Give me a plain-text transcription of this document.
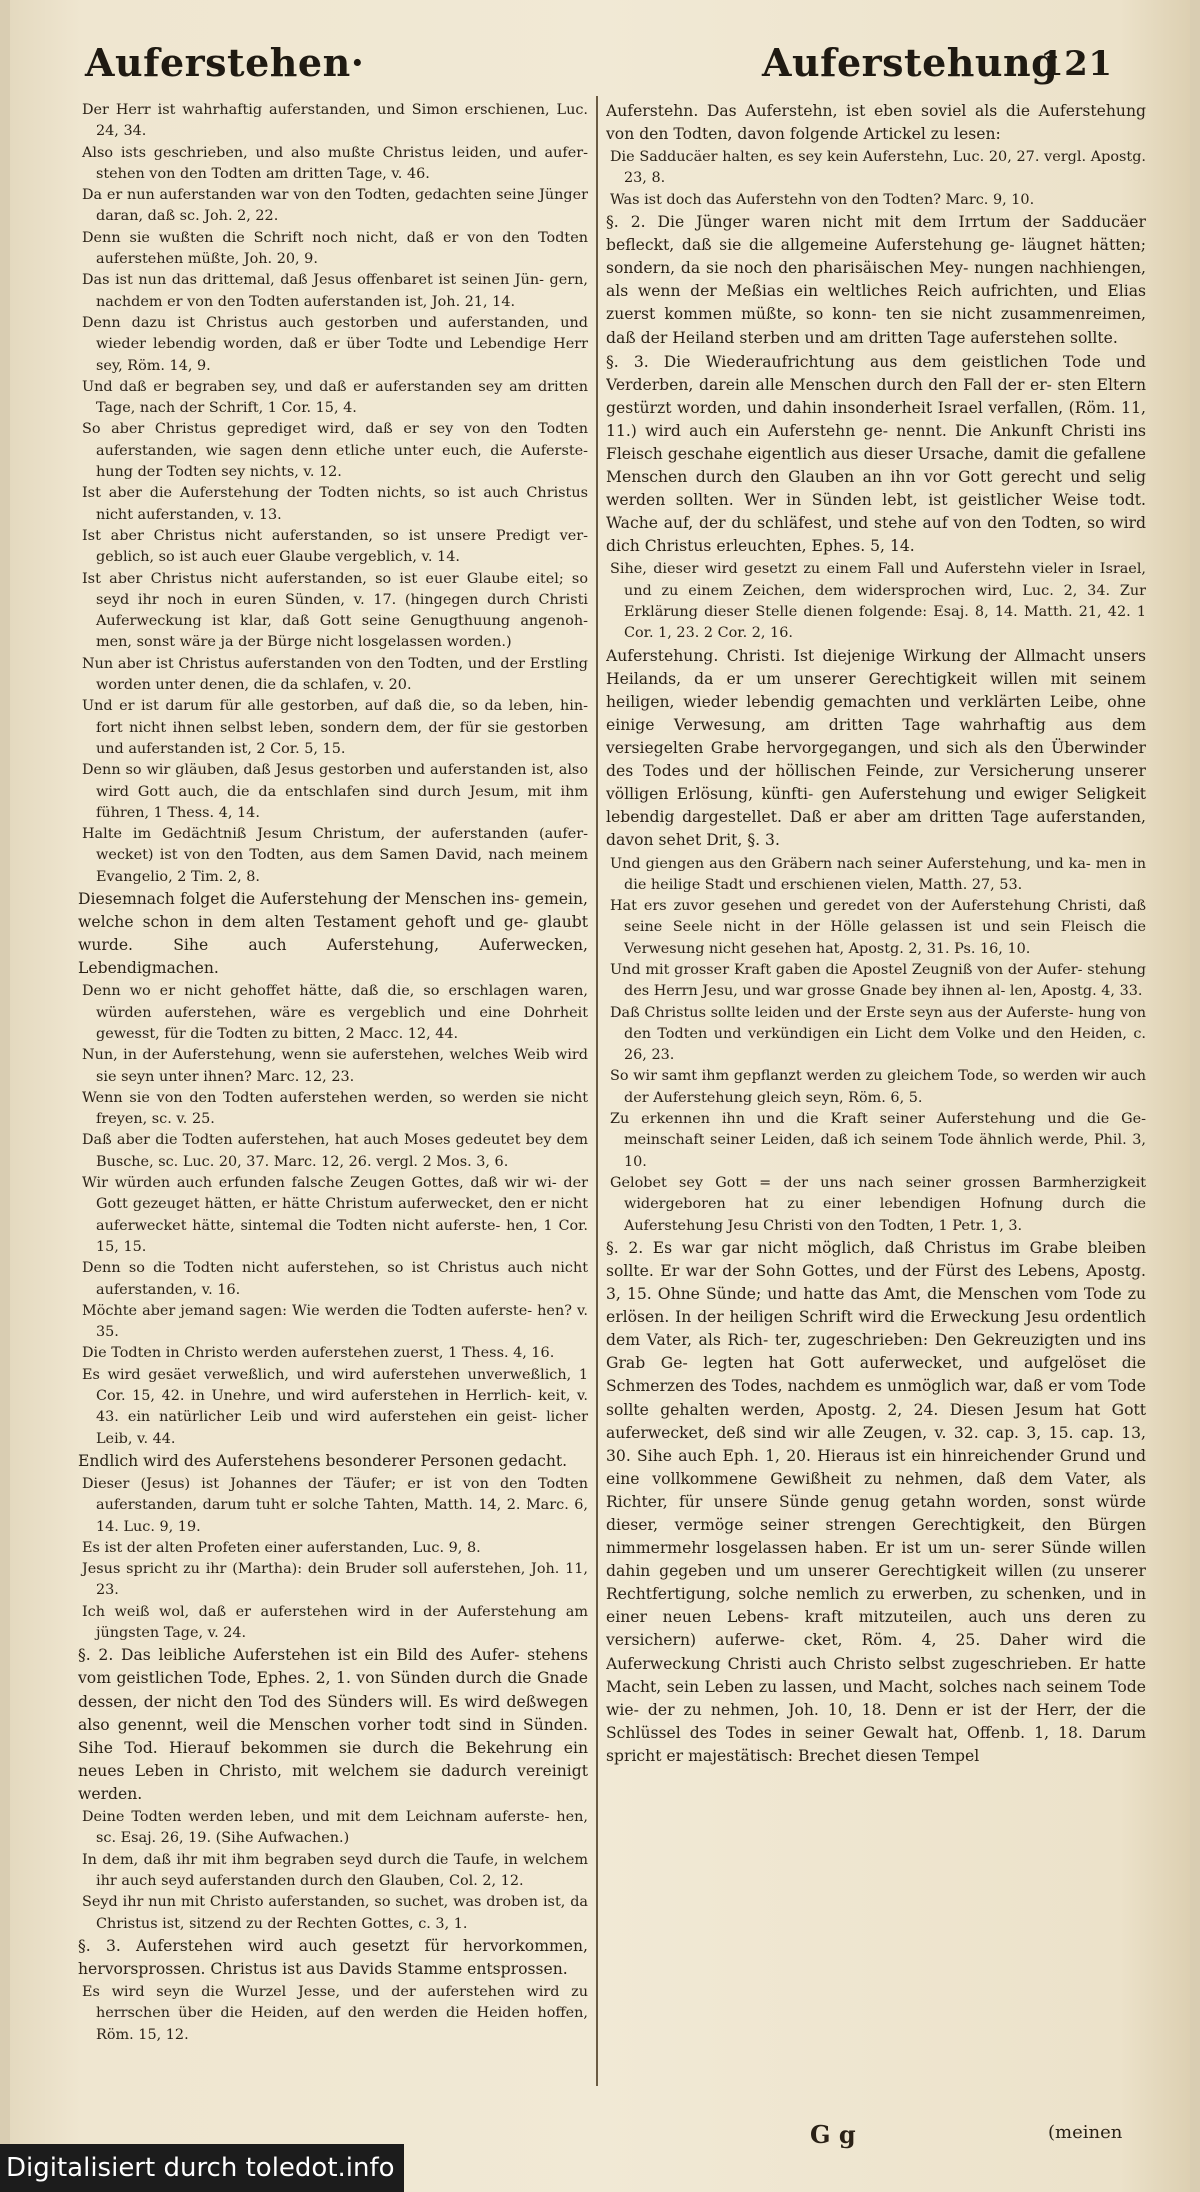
Auferstehen·	Auferstehung
121
Der Herr ist wahrhaftig auferstanden, und Simon erschienen, Luc. 24, 34.
Also ists geschrieben, und also mußte Christus leiden, und aufer- stehen von den Todten am dritten Tage, v. 46.
Da er nun auferstanden war von den Todten, gedachten seine Jünger daran, daß sc. Joh. 2, 22.
Denn sie wußten die Schrift noch nicht, daß er von den Todten auferstehen müßte, Joh. 20, 9.
Das ist nun das drittemal, daß Jesus offenbaret ist seinen Jün- gern, nachdem er von den Todten auferstanden ist, Joh. 21, 14.
Denn dazu ist Christus auch gestorben und auferstanden, und wieder lebendig worden, daß er über Todte und Lebendige Herr sey, Röm. 14, 9.
Und daß er begraben sey, und daß er auferstanden sey am dritten Tage, nach der Schrift, 1 Cor. 15, 4.
So aber Christus geprediget wird, daß er sey von den Todten auferstanden, wie sagen denn etliche unter euch, die Auferste- hung der Todten sey nichts, v. 12.
Ist aber die Auferstehung der Todten nichts, so ist auch Christus nicht auferstanden, v. 13.
Ist aber Christus nicht auferstanden, so ist unsere Predigt ver- geblich, so ist auch euer Glaube vergeblich, v. 14.
Ist aber Christus nicht auferstanden, so ist euer Glaube eitel; so seyd ihr noch in euren Sünden, v. 17. (hingegen durch Christi Auferweckung ist klar, daß Gott seine Genugthuung angenoh- men, sonst wäre ja der Bürge nicht losgelassen worden.)
Nun aber ist Christus auferstanden von den Todten, und der Erstling worden unter denen, die da schlafen, v. 20.
Und er ist darum für alle gestorben, auf daß die, so da leben, hin- fort nicht ihnen selbst leben, sondern dem, der für sie gestorben und auferstanden ist, 2 Cor. 5, 15.
Denn so wir gläuben, daß Jesus gestorben und auferstanden ist, also wird Gott auch, die da entschlafen sind durch Jesum, mit ihm führen, 1 Thess. 4, 14.
Halte im Gedächtniß Jesum Christum, der auferstanden (aufer- wecket) ist von den Todten, aus dem Samen David, nach meinem Evangelio, 2 Tim. 2, 8.
Diesemnach folget die Auferstehung der Menschen ins- gemein, welche schon in dem alten Testament gehoft und ge- glaubt wurde. Sihe auch Auferstehung, Auferwecken, Lebendigmachen.
Denn wo er nicht gehoffet hätte, daß die, so erschlagen waren, würden auferstehen, wäre es vergeblich und eine Dohrheit gewesst, für die Todten zu bitten, 2 Macc. 12, 44.
Nun, in der Auferstehung, wenn sie auferstehen, welches Weib wird sie seyn unter ihnen? Marc. 12, 23.
Wenn sie von den Todten auferstehen werden, so werden sie nicht freyen, sc. v. 25.
Daß aber die Todten auferstehen, hat auch Moses gedeutet bey dem Busche, sc. Luc. 20, 37. Marc. 12, 26. vergl. 2 Mos. 3, 6.
Wir würden auch erfunden falsche Zeugen Gottes, daß wir wi- der Gott gezeuget hätten, er hätte Christum auferwecket, den er nicht auferwecket hätte, sintemal die Todten nicht auferste- hen, 1 Cor. 15, 15.
Denn so die Todten nicht auferstehen, so ist Christus auch nicht auferstanden, v. 16.
Möchte aber jemand sagen: Wie werden die Todten auferste- hen? v. 35.
Die Todten in Christo werden auferstehen zuerst, 1 Thess. 4, 16.
Es wird gesäet verweßlich, und wird auferstehen unverweßlich, 1 Cor. 15, 42. in Unehre, und wird auferstehen in Herrlich- keit, v. 43. ein natürlicher Leib und wird auferstehen ein geist- licher Leib, v. 44.
Endlich wird des Auferstehens besonderer Personen gedacht.
Dieser (Jesus) ist Johannes der Täufer; er ist von den Todten auferstanden, darum tuht er solche Tahten, Matth. 14, 2. Marc. 6, 14. Luc. 9, 19.
Es ist der alten Profeten einer auferstanden, Luc. 9, 8.
Jesus spricht zu ihr (Martha): dein Bruder soll auferstehen, Joh. 11, 23.
Ich weiß wol, daß er auferstehen wird in der Auferstehung am jüngsten Tage, v. 24.
§. 2. Das leibliche Auferstehen ist ein Bild des Aufer- stehens vom geistlichen Tode, Ephes. 2, 1. von Sünden durch die Gnade dessen, der nicht den Tod des Sünders will. Es wird deßwegen also genennt, weil die Menschen vorher todt sind in Sünden. Sihe Tod. Hierauf bekommen sie durch die Bekehrung ein neues Leben in Christo, mit welchem sie dadurch vereinigt werden.
Deine Todten werden leben, und mit dem Leichnam auferste- hen, sc. Esaj. 26, 19. (Sihe Aufwachen.)
In dem, daß ihr mit ihm begraben seyd durch die Taufe, in welchem ihr auch seyd auferstanden durch den Glauben, Col. 2, 12.
Seyd ihr nun mit Christo auferstanden, so suchet, was droben ist, da Christus ist, sitzend zu der Rechten Gottes, c. 3, 1.
§. 3. Auferstehen wird auch gesetzt für hervorkommen, hervorsprossen. Christus ist aus Davids Stamme entsprossen.
Es wird seyn die Wurzel Jesse, und der auferstehen wird zu herrschen über die Heiden, auf den werden die Heiden hoffen, Röm. 15, 12.
Auferstehn. Das Auferstehn, ist eben soviel als die Auferstehung von den Todten, davon folgende Artickel zu lesen:
Die Sadducäer halten, es sey kein Auferstehn, Luc. 20, 27. vergl. Apostg. 23, 8.
Was ist doch das Auferstehn von den Todten? Marc. 9, 10.
§. 2. Die Jünger waren nicht mit dem Irrtum der Sadducäer befleckt, daß sie die allgemeine Auferstehung ge- läugnet hätten; sondern, da sie noch den pharisäischen Mey- nungen nachhiengen, als wenn der Meßias ein weltliches Reich aufrichten, und Elias zuerst kommen müßte, so konn- ten sie nicht zusammenreimen, daß der Heiland sterben und am dritten Tage auferstehen sollte.
§. 3. Die Wiederaufrichtung aus dem geistlichen Tode und Verderben, darein alle Menschen durch den Fall der er- sten Eltern gestürzt worden, und dahin insonderheit Israel verfallen, (Röm. 11, 11.) wird auch ein Auferstehn ge- nennt. Die Ankunft Christi ins Fleisch geschahe eigentlich aus dieser Ursache, damit die gefallene Menschen durch den Glauben an ihn vor Gott gerecht und selig werden sollten. Wer in Sünden lebt, ist geistlicher Weise todt. Wache auf, der du schläfest, und stehe auf von den Todten, so wird dich Christus erleuchten, Ephes. 5, 14.
Sihe, dieser wird gesetzt zu einem Fall und Auferstehn vieler in Israel, und zu einem Zeichen, dem widersprochen wird, Luc. 2, 34. Zur Erklärung dieser Stelle dienen folgende: Esaj. 8, 14. Matth. 21, 42. 1 Cor. 1, 23. 2 Cor. 2, 16.
Auferstehung. Christi. Ist diejenige Wirkung der Allmacht unsers Heilands, da er um unserer Gerechtigkeit willen mit seinem heiligen, wieder lebendig gemachten und verklärten Leibe, ohne einige Verwesung, am dritten Tage wahrhaftig aus dem versiegelten Grabe hervorgegangen, und sich als den Überwinder des Todes und der höllischen Feinde, zur Versicherung unserer völligen Erlösung, künfti- gen Auferstehung und ewiger Seligkeit lebendig dargestellet. Daß er aber am dritten Tage auferstanden, davon sehet Drit, §. 3.
Und giengen aus den Gräbern nach seiner Auferstehung, und ka- men in die heilige Stadt und erschienen vielen, Matth. 27, 53.
Hat ers zuvor gesehen und geredet von der Auferstehung Christi, daß seine Seele nicht in der Hölle gelassen ist und sein Fleisch die Verwesung nicht gesehen hat, Apostg. 2, 31. Ps. 16, 10.
Und mit grosser Kraft gaben die Apostel Zeugniß von der Aufer- stehung des Herrn Jesu, und war grosse Gnade bey ihnen al- len, Apostg. 4, 33.
Daß Christus sollte leiden und der Erste seyn aus der Auferste- hung von den Todten und verkündigen ein Licht dem Volke und den Heiden, c. 26, 23.
So wir samt ihm gepflanzt werden zu gleichem Tode, so werden wir auch der Auferstehung gleich seyn, Röm. 6, 5.
Zu erkennen ihn und die Kraft seiner Auferstehung und die Ge- meinschaft seiner Leiden, daß ich seinem Tode ähnlich werde, Phil. 3, 10.
Gelobet sey Gott = der uns nach seiner grossen Barmherzigkeit widergeboren hat zu einer lebendigen Hofnung durch die Auferstehung Jesu Christi von den Todten, 1 Petr. 1, 3.
§. 2. Es war gar nicht möglich, daß Christus im Grabe bleiben sollte. Er war der Sohn Gottes, und der Fürst des Lebens, Apostg. 3, 15. Ohne Sünde; und hatte das Amt, die Menschen vom Tode zu erlösen. In der heiligen Schrift wird die Erweckung Jesu ordentlich dem Vater, als Rich- ter, zugeschrieben: Den Gekreuzigten und ins Grab Ge- legten hat Gott auferwecket, und aufgelöset die Schmerzen des Todes, nachdem es unmöglich war, daß er vom Tode sollte gehalten werden, Apostg. 2, 24. Diesen Jesum hat Gott auferwecket, deß sind wir alle Zeugen, v. 32. cap. 3, 15. cap. 13, 30. Sihe auch Eph. 1, 20. Hieraus ist ein hinreichender Grund und eine vollkommene Gewißheit zu nehmen, daß dem Vater, als Richter, für unsere Sünde genug getahn worden, sonst würde dieser, vermöge seiner strengen Gerechtigkeit, den Bürgen nimmermehr losgelassen haben. Er ist um un- serer Sünde willen dahin gegeben und um unserer Gerechtigkeit willen (zu unserer Rechtfertigung, solche nemlich zu erwerben, zu schenken, und in einer neuen Lebens- kraft mitzuteilen, auch uns deren zu versichern) auferwe- cket, Röm. 4, 25. Daher wird die Auferweckung Christi auch Christo selbst zugeschrieben. Er hatte Macht, sein Leben zu lassen, und Macht, solches nach seinem Tode wie- der zu nehmen, Joh. 10, 18. Denn er ist der Herr, der die Schlüssel des Todes in seiner Gewalt hat, Offenb. 1, 18. Darum spricht er majestätisch: Brechet diesen Tempel
G g	(meinen
Digitalisiert durch toledot.info
